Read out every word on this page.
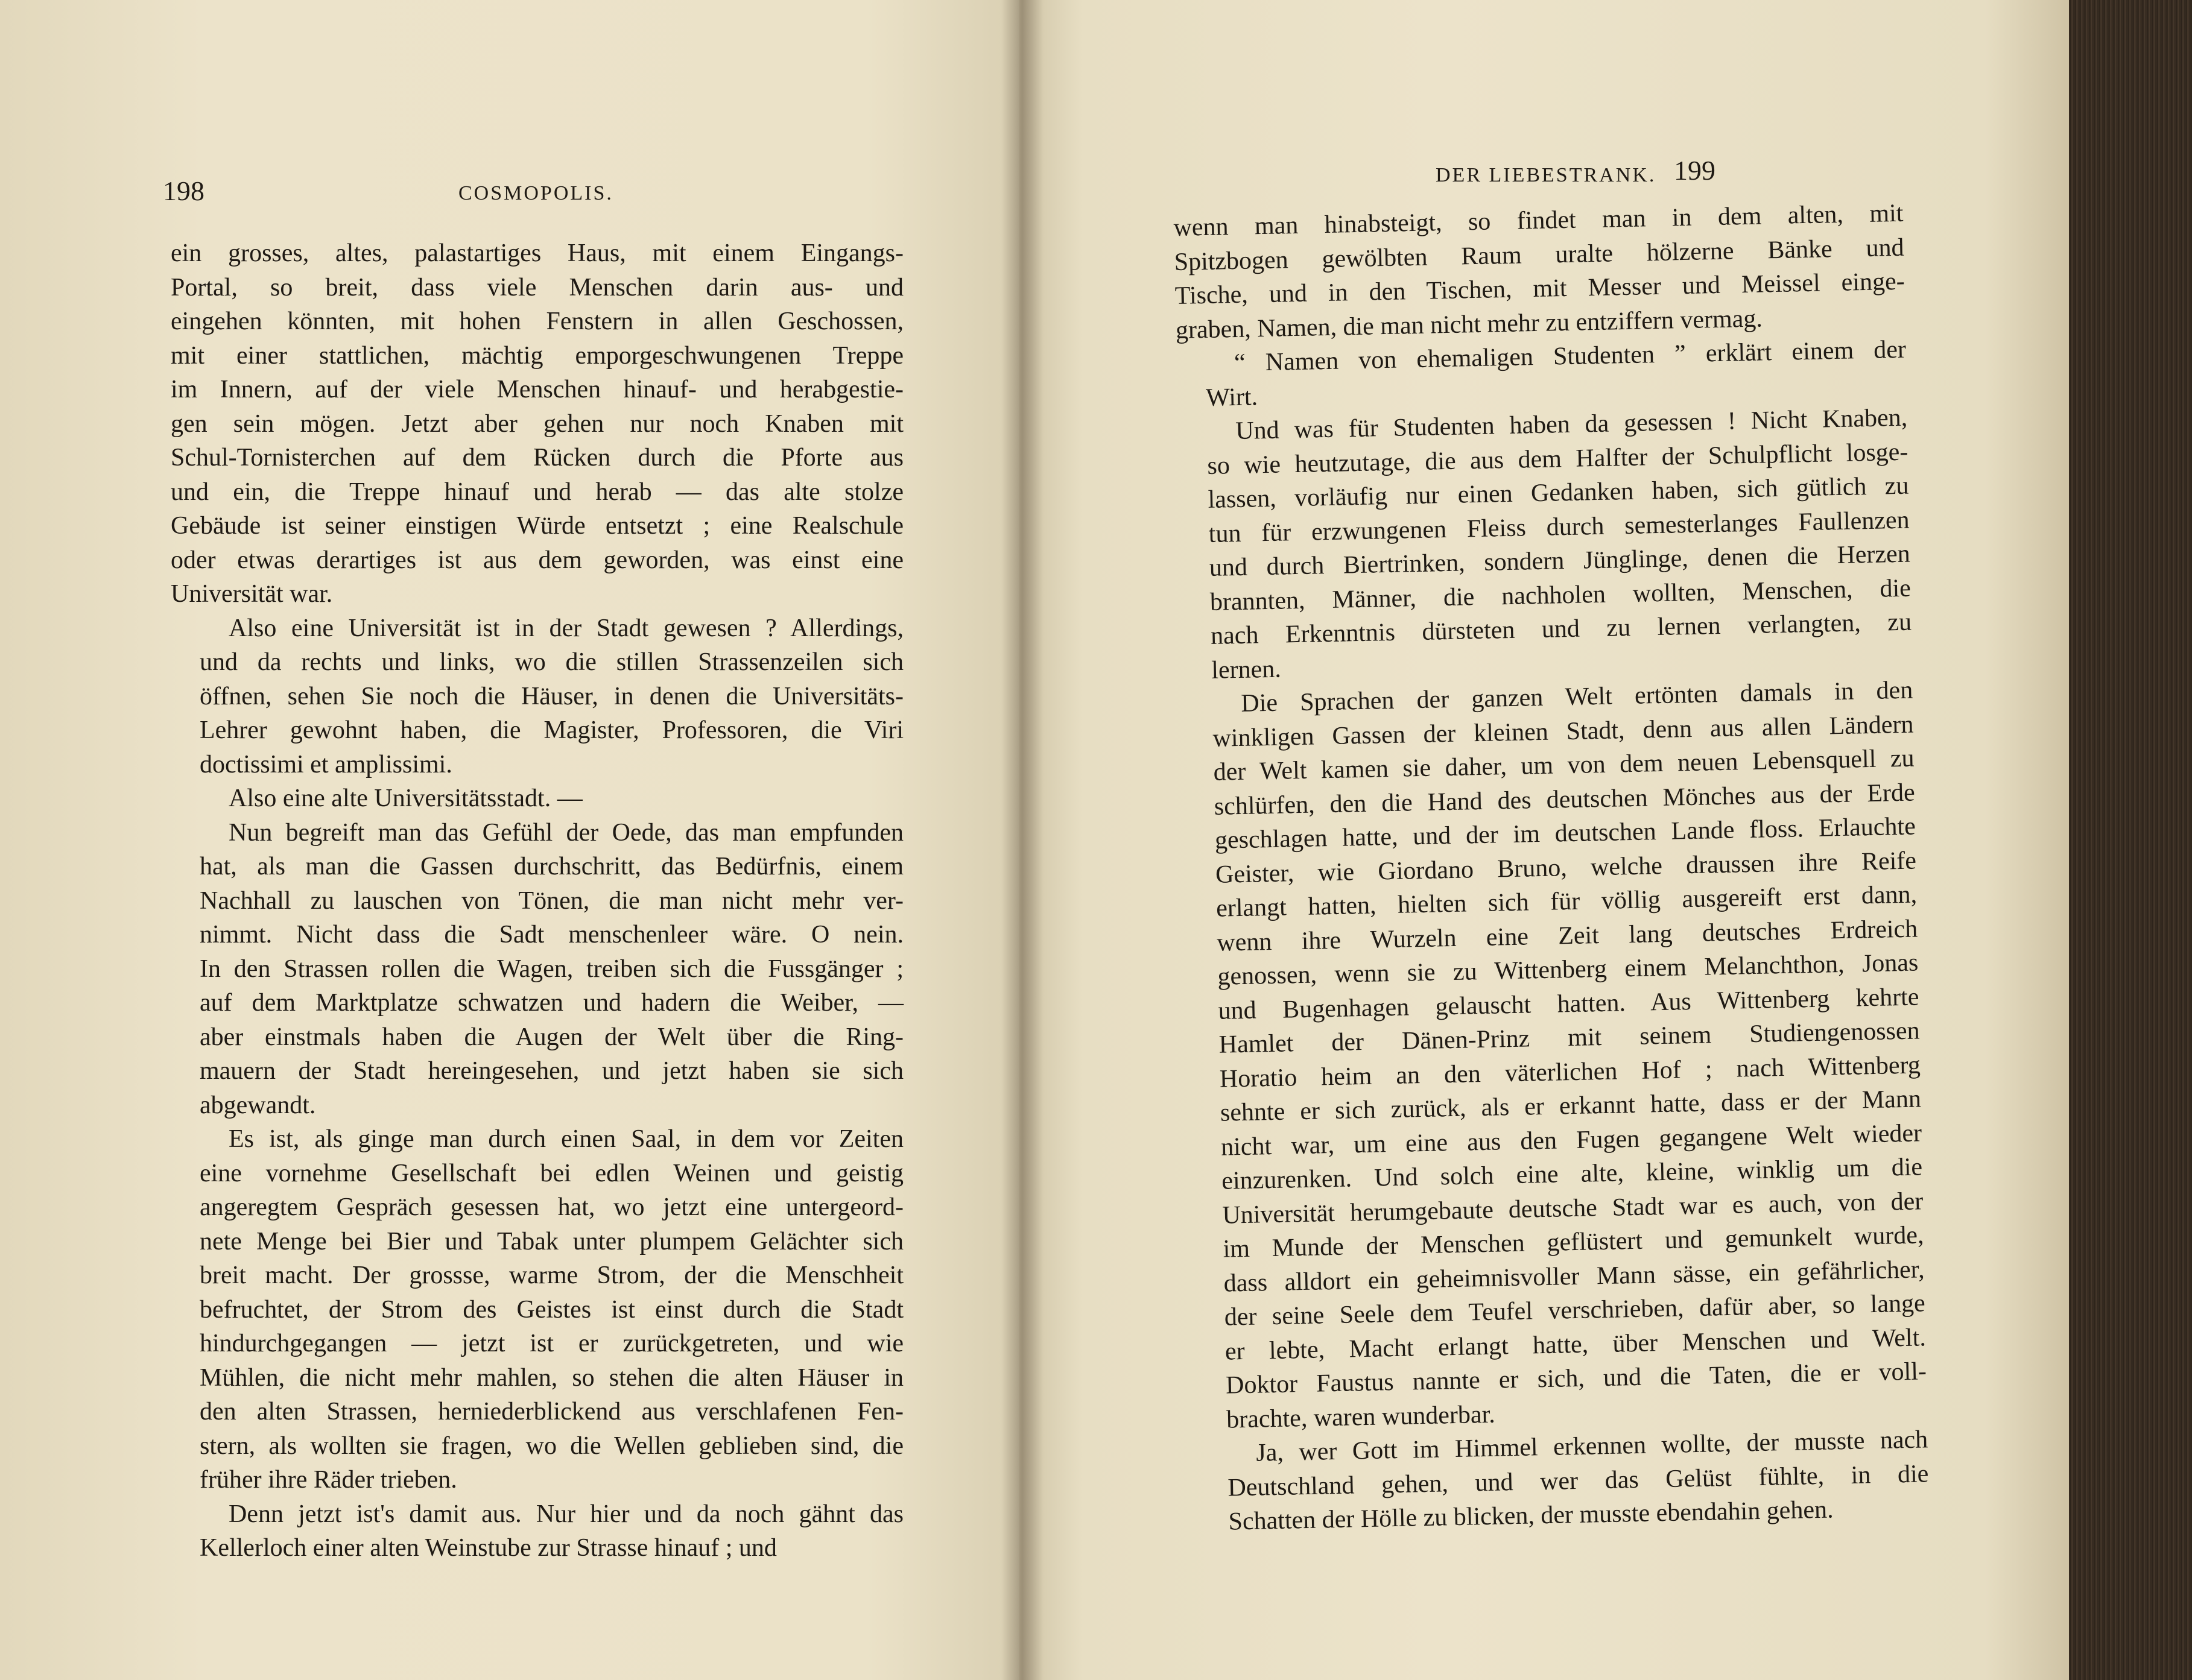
198	COSMOPOLIS.

ein grosses, altes, palastartiges Haus, mit einem Eingangs-
Portal, so breit, dass viele Menschen darin aus- und
eingehen könnten, mit hohen Fenstern in allen Geschossen,
mit einer stattlichen, mächtig emporgeschwungenen Treppe
im Innern, auf der viele Menschen hinauf- und herabgestie-
gen sein mögen. Jetzt aber gehen nur noch Knaben mit
Schul-Tornisterchen auf dem Rücken durch die Pforte aus
und ein, die Treppe hinauf und herab — das alte stolze
Gebäude ist seiner einstigen Würde entsetzt ; eine Realschule
oder etwas derartiges ist aus dem geworden, was einst eine
Universität war.

Also eine Universität ist in der Stadt gewesen ? Allerdings,
und da rechts und links, wo die stillen Strassenzeilen sich
öffnen, sehen Sie noch die Häuser, in denen die Universitäts-
Lehrer gewohnt haben, die Magister, Professoren, die Viri
doctissimi et amplissimi.

Also eine alte Universitätsstadt. —

Nun begreift man das Gefühl der Oede, das man empfunden
hat, als man die Gassen durchschritt, das Bedürfnis, einem
Nachhall zu lauschen von Tönen, die man nicht mehr ver-
nimmt. Nicht dass die Sadt menschenleer wäre. O nein.
In den Strassen rollen die Wagen, treiben sich die Fussgänger ;
auf dem Marktplatze schwatzen und hadern die Weiber, —
aber einstmals haben die Augen der Welt über die Ring-
mauern der Stadt hereingesehen, und jetzt haben sie sich
abgewandt.

Es ist, als ginge man durch einen Saal, in dem vor Zeiten
eine vornehme Gesellschaft bei edlen Weinen und geistig
angeregtem Gespräch gesessen hat, wo jetzt eine untergeord-
nete Menge bei Bier und Tabak unter plumpem Gelächter sich
breit macht. Der grossse, warme Strom, der die Menschheit
befruchtet, der Strom des Geistes ist einst durch die Stadt
hindurchgegangen — jetzt ist er zurückgetreten, und wie
Mühlen, die nicht mehr mahlen, so stehen die alten Häuser in
den alten Strassen, herniederblickend aus verschlafenen Fen-
stern, als wollten sie fragen, wo die Wellen geblieben sind, die
früher ihre Räder trieben.

Denn jetzt ist's damit aus. Nur hier und da noch gähnt das
Kellerloch einer alten Weinstube zur Strasse hinauf ; und

DER LIEBESTRANK. 199

wenn man hinabsteigt, so findet man in dem alten, mit
Spitzbogen gewölbten Raum uralte hölzerne Bänke und
Tische, und in den Tischen, mit Messer und Meissel einge-
graben, Namen, die man nicht mehr zu entziffern vermag.

“ Namen von ehemaligen Studenten ” erklärt einem der
Wirt.

Und was für Studenten haben da gesessen ! Nicht Knaben,
so wie heutzutage, die aus dem Halfter der Schulpflicht losge-
lassen, vorläufig nur einen Gedanken haben, sich gütlich zu
tun für erzwungenen Fleiss durch semesterlanges Faullenzen
und durch Biertrinken, sondern Jünglinge, denen die Herzen
brannten, Männer, die nachholen wollten, Menschen, die
nach Erkenntnis dürsteten und zu lernen verlangten, zu
lernen.

Die Sprachen der ganzen Welt ertönten damals in den
winkligen Gassen der kleinen Stadt, denn aus allen Ländern
der Welt kamen sie daher, um von dem neuen Lebensquell zu
schlürfen, den die Hand des deutschen Mönches aus der Erde
geschlagen hatte, und der im deutschen Lande floss. Erlauchte
Geister, wie Giordano Bruno, welche draussen ihre Reife
erlangt hatten, hielten sich für völlig ausgereift erst dann,
wenn ihre Wurzeln eine Zeit lang deutsches Erdreich
genossen, wenn sie zu Wittenberg einem Melanchthon, Jonas
und Bugenhagen gelauscht hatten. Aus Wittenberg kehrte
Hamlet der Dänen-Prinz mit seinem Studiengenossen
Horatio heim an den väterlichen Hof ; nach Wittenberg
sehnte er sich zurück, als er erkannt hatte, dass er der Mann
nicht war, um eine aus den Fugen gegangene Welt wieder
einzurenken. Und solch eine alte, kleine, winklig um die
Universität herumgebaute deutsche Stadt war es auch, von der
im Munde der Menschen geflüstert und gemunkelt wurde,
dass alldort ein geheimnisvoller Mann sässe, ein gefährlicher,
der seine Seele dem Teufel verschrieben, dafür aber, so lange
er lebte, Macht erlangt hatte, über Menschen und Welt.
Doktor Faustus nannte er sich, und die Taten, die er voll-
brachte, waren wunderbar.

Ja, wer Gott im Himmel erkennen wollte, der musste nach
Deutschland gehen, und wer das Gelüst fühlte, in die
Schatten der Hölle zu blicken, der musste ebendahin gehen.
